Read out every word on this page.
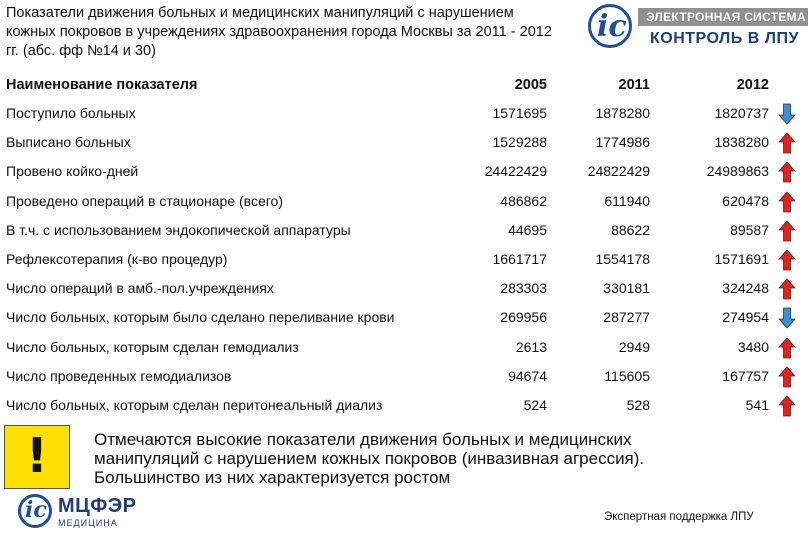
Показатели движения больных и медицинских манипуляций с нарушением кожных покровов в учреждениях здравоохранения города Москвы за 2011 - 2012 гг. (абс. фф №14 и 30)
ic	ЭЛЕКТРОННАЯ СИСТЕМА
КОНТРОЛЬ В ЛПУ
Наименование показателя	2005	2011	2012
Поступило больных	1571695	1878280	1820737
Выписано больных	1529288	1774986	1838280
Провено койко-дней	24422429	24822429	24989863
Проведено операций в стационаре (всего)	486862	611940	620478
В т.ч. с использованием эндокопической аппаратуры	44695	88622	89587
Рефлексотерапия (к-во процедур)	1661717	1554178	1571691
Число операций в амб.-пол.учреждениях	283303	330181	324248
Число больных, которым было сделано переливание крови	269956	287277	274954
Число больных, которым сделан гемодиализ	2613	2949	3480
Число проведенных гемодиализов	94674	115605	167757
Число больных, которым сделан перитонеальный диализ	524	528	541
!	Отмечаются высокие показатели движения больных и медицинских манипуляций с нарушением кожных покровов (инвазивная агрессия). Большинство из них характеризуется ростом
ic МЦФЭР
МЕДИЦИНА	Экспертная поддержка ЛПУ
